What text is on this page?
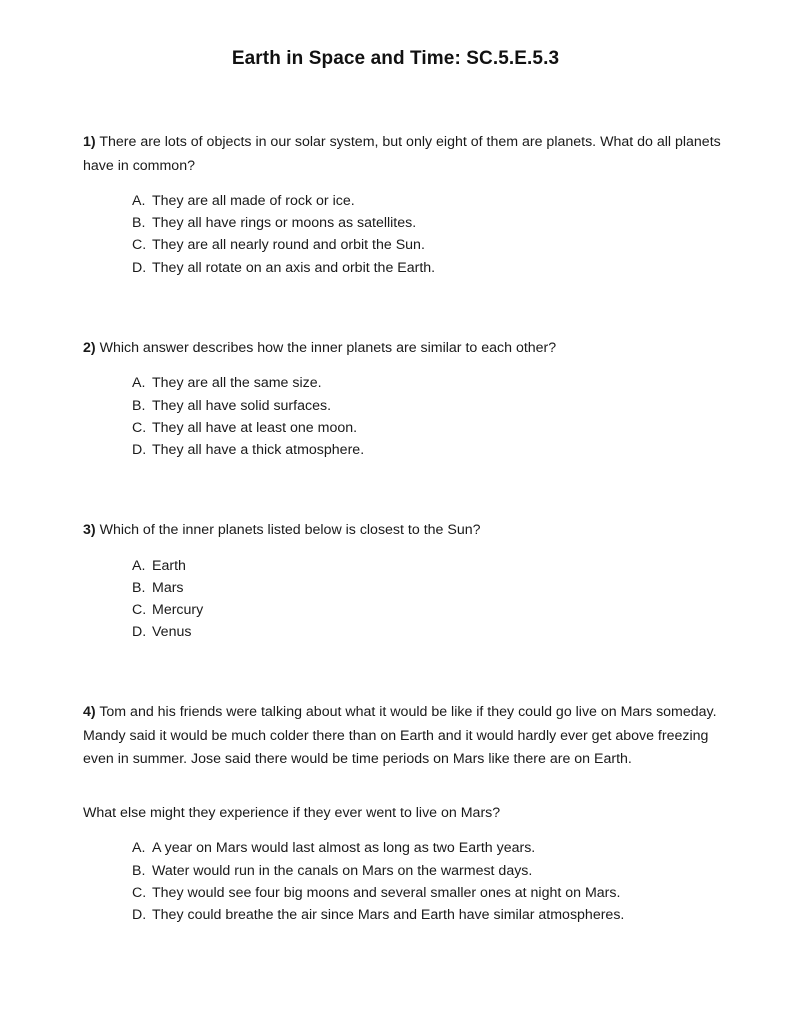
Earth in Space and Time: SC.5.E.5.3

1) There are lots of objects in our solar system, but only eight of them are planets. What do all planets have in common?

A. They are all made of rock or ice.
B. They all have rings or moons as satellites.
C. They are all nearly round and orbit the Sun.
D. They all rotate on an axis and orbit the Earth.

2) Which answer describes how the inner planets are similar to each other?

A. They are all the same size.
B. They all have solid surfaces.
C. They all have at least one moon.
D. They all have a thick atmosphere.

3) Which of the inner planets listed below is closest to the Sun?

A. Earth
B. Mars
C. Mercury
D. Venus

4) Tom and his friends were talking about what it would be like if they could go live on Mars someday. Mandy said it would be much colder there than on Earth and it would hardly ever get above freezing even in summer. Jose said there would be time periods on Mars like there are on Earth.

What else might they experience if they ever went to live on Mars?

A. A year on Mars would last almost as long as two Earth years.
B. Water would run in the canals on Mars on the warmest days.
C. They would see four big moons and several smaller ones at night on Mars.
D. They could breathe the air since Mars and Earth have similar atmospheres.
